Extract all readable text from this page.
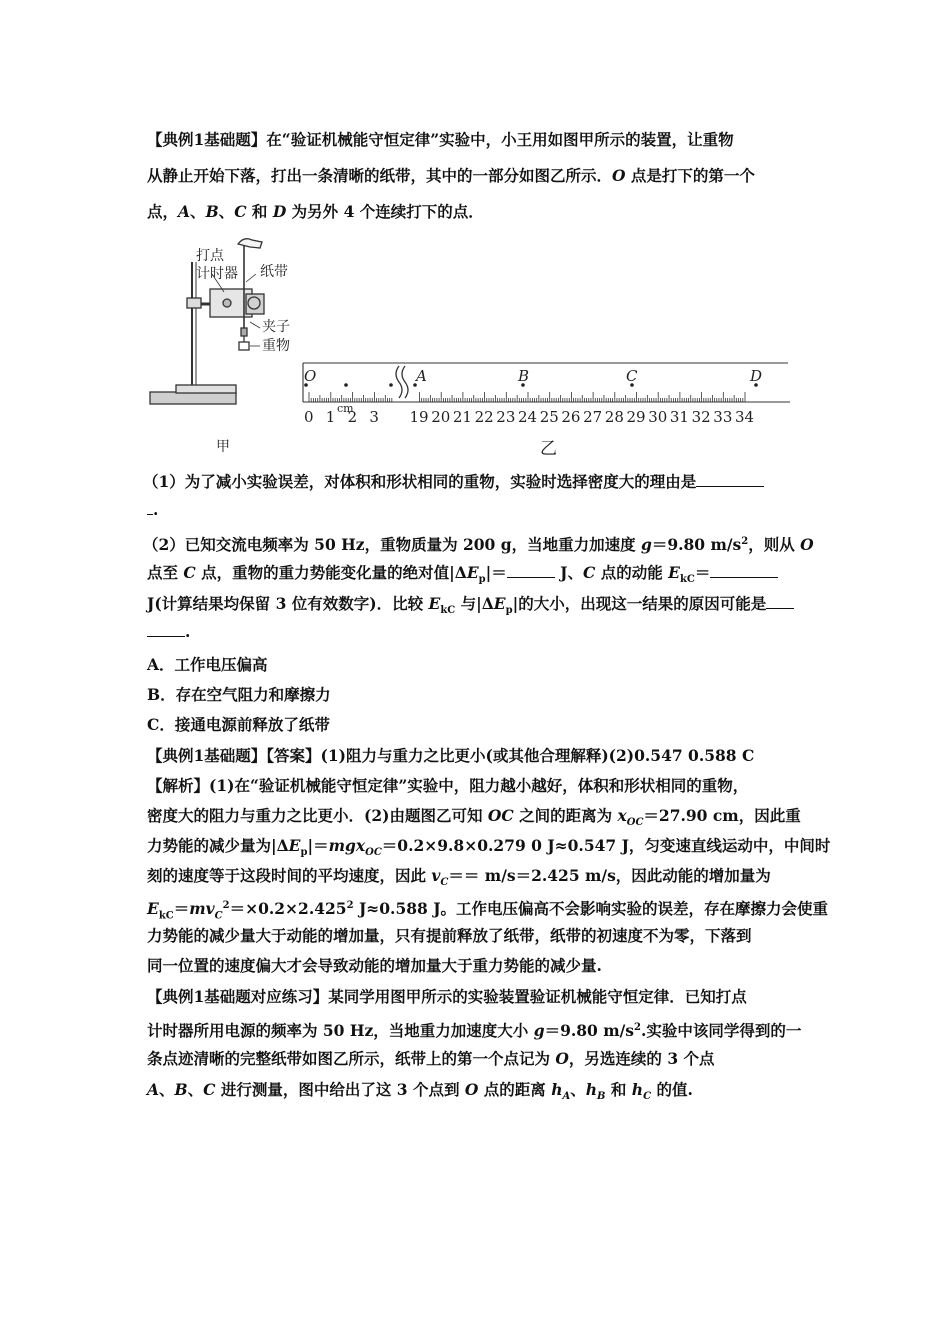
【典例1基础题】在“验证机械能守恒定律”实验中，小王用如图甲所示的装置，让重物
从静止开始下落，打出一条清晰的纸带，其中的一部分如图乙所示．O 点是打下的第一个
点，A、B、C 和 D 为另外 4 个连续打下的点．
打点
计时器 纸带
夹子
重物
甲
O	A	B	C	D
cm
0 1 2 3 19 20 21 22 23 24 25 26 27 28 29 30 31 32 33 34
乙
（1）为了减小实验误差，对体积和形状相同的重物，实验时选择密度大的理由是
.
（2）已知交流电频率为 50 Hz，重物质量为 200 g，当地重力加速度 g＝9.80 $m/s^2$，则从 O
点至 C 点，重物的重力势能变化量的绝对值$|\Delta E_p|=$	J、C 点的动能 $E_{kC}=$
J(计算结果均保留 3 位有效数字)．比较 $E_{kC}$ 与$|\Delta E_p|$的大小，出现这一结果的原因可能是
.
A．工作电压偏高
B．存在空气阻力和摩擦力
C．接通电源前释放了纸带
【典例1基础题】【答案】(1)阻力与重力之比更小(或其他合理解释)(2)0.547 0.588 C
【解析】(1)在“验证机械能守恒定律”实验中，阻力越小越好，体积和形状相同的重物，
密度大的阻力与重力之比更小．(2)由题图乙可知 OC 之间的距离为 $x_{OC}=27.90$ cm，因此重
力势能的减少量为$|\Delta E_p|=mgx_{OC}=0.2\times 9.8\times 0.279$ 0 J≈0.547 J，匀变速直线运动中，中间时
刻的速度等于这段时间的平均速度，因此 $v_C== m/s=2.425$ m/s，因此动能的增加量为
$E_{kC}=mv_C^2=\times 0.2\times 2.425^2$ J≈0.588 J。工作电压偏高不会影响实验的误差，存在摩擦力会使重
力势能的减少量大于动能的增加量，只有提前释放了纸带，纸带的初速度不为零，下落到
同一位置的速度偏大才会导致动能的增加量大于重力势能的减少量.
【典例1基础题对应练习】某同学用图甲所示的实验装置验证机械能守恒定律．已知打点
计时器所用电源的频率为 50 Hz，当地重力加速度大小 g＝9.80 $m/s^2$.实验中该同学得到的一
条点迹清晰的完整纸带如图乙所示，纸带上的第一个点记为 O，另选连续的 3 个点
A、B、C 进行测量，图中给出了这 3 个点到 O 点的距离 $h_A$、$h_B$ 和 $h_C$ 的值.
